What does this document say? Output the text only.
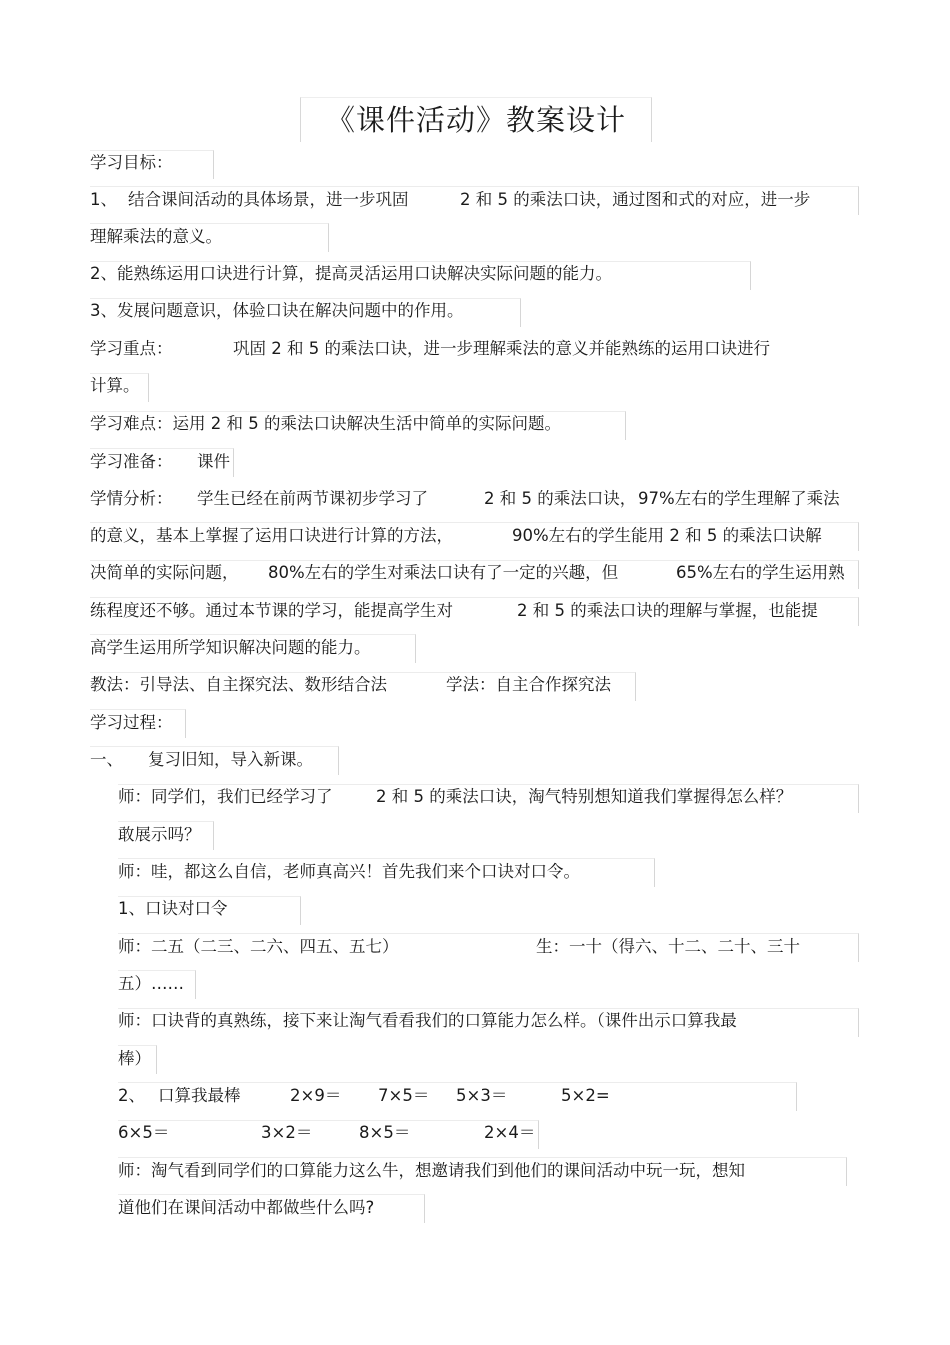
《课件活动》教案设计
学习目标：
1、 结合课间活动的具体场景，进一步巩固	2 和 5 的乘法口诀，通过图和式的对应，进一步
理解乘法的意义。
2、能熟练运用口诀进行计算，提高灵活运用口诀解决实际问题的能力。
3、发展问题意识，体验口诀在解决问题中的作用。
学习重点：	巩固 2 和 5 的乘法口诀，进一步理解乘法的意义并能熟练的运用口诀进行
计算。
学习难点：运用 2 和 5 的乘法口诀解决生活中简单的实际问题。
学习准备： 课件
学情分析： 学生已经在前两节课初步学习了	2 和 5 的乘法口诀， 97%左右的学生理解了乘法
的意义，基本上掌握了运用口诀进行计算的方法，	90%左右的学生能用 2 和 5 的乘法口诀解
决简单的实际问题， 80%左右的学生对乘法口诀有了一定的兴趣，但	65%左右的学生运用熟
练程度还不够。通过本节课的学习，能提高学生对	2 和 5 的乘法口诀的理解与掌握，也能提
高学生运用所学知识解决问题的能力。
教法：引导法、自主探究法、数形结合法	学法：自主合作探究法
学习过程：
一、 复习旧知，导入新课。
师：同学们，我们已经学习了	2 和 5 的乘法口诀，淘气特别想知道我们掌握得怎么样？
敢展示吗？
师：哇，都这么自信，老师真高兴！首先我们来个口诀对口令。
1、口诀对口令
师：二五（二三、二六、四五、五七）	生：一十（得六、十二、二十、三十
五）……
师：口诀背的真熟练，接下来让淘气看看我们的口算能力怎么样。（课件出示口算我最
棒）
2、 口算我最棒	2×9＝ 7×5＝ 5×3＝	5×2=
6×5＝	3×2＝	8×5＝	2×4＝
师：淘气看到同学们的口算能力这么牛，想邀请我们到他们的课间活动中玩一玩，想知
道他们在课间活动中都做些什么吗?
